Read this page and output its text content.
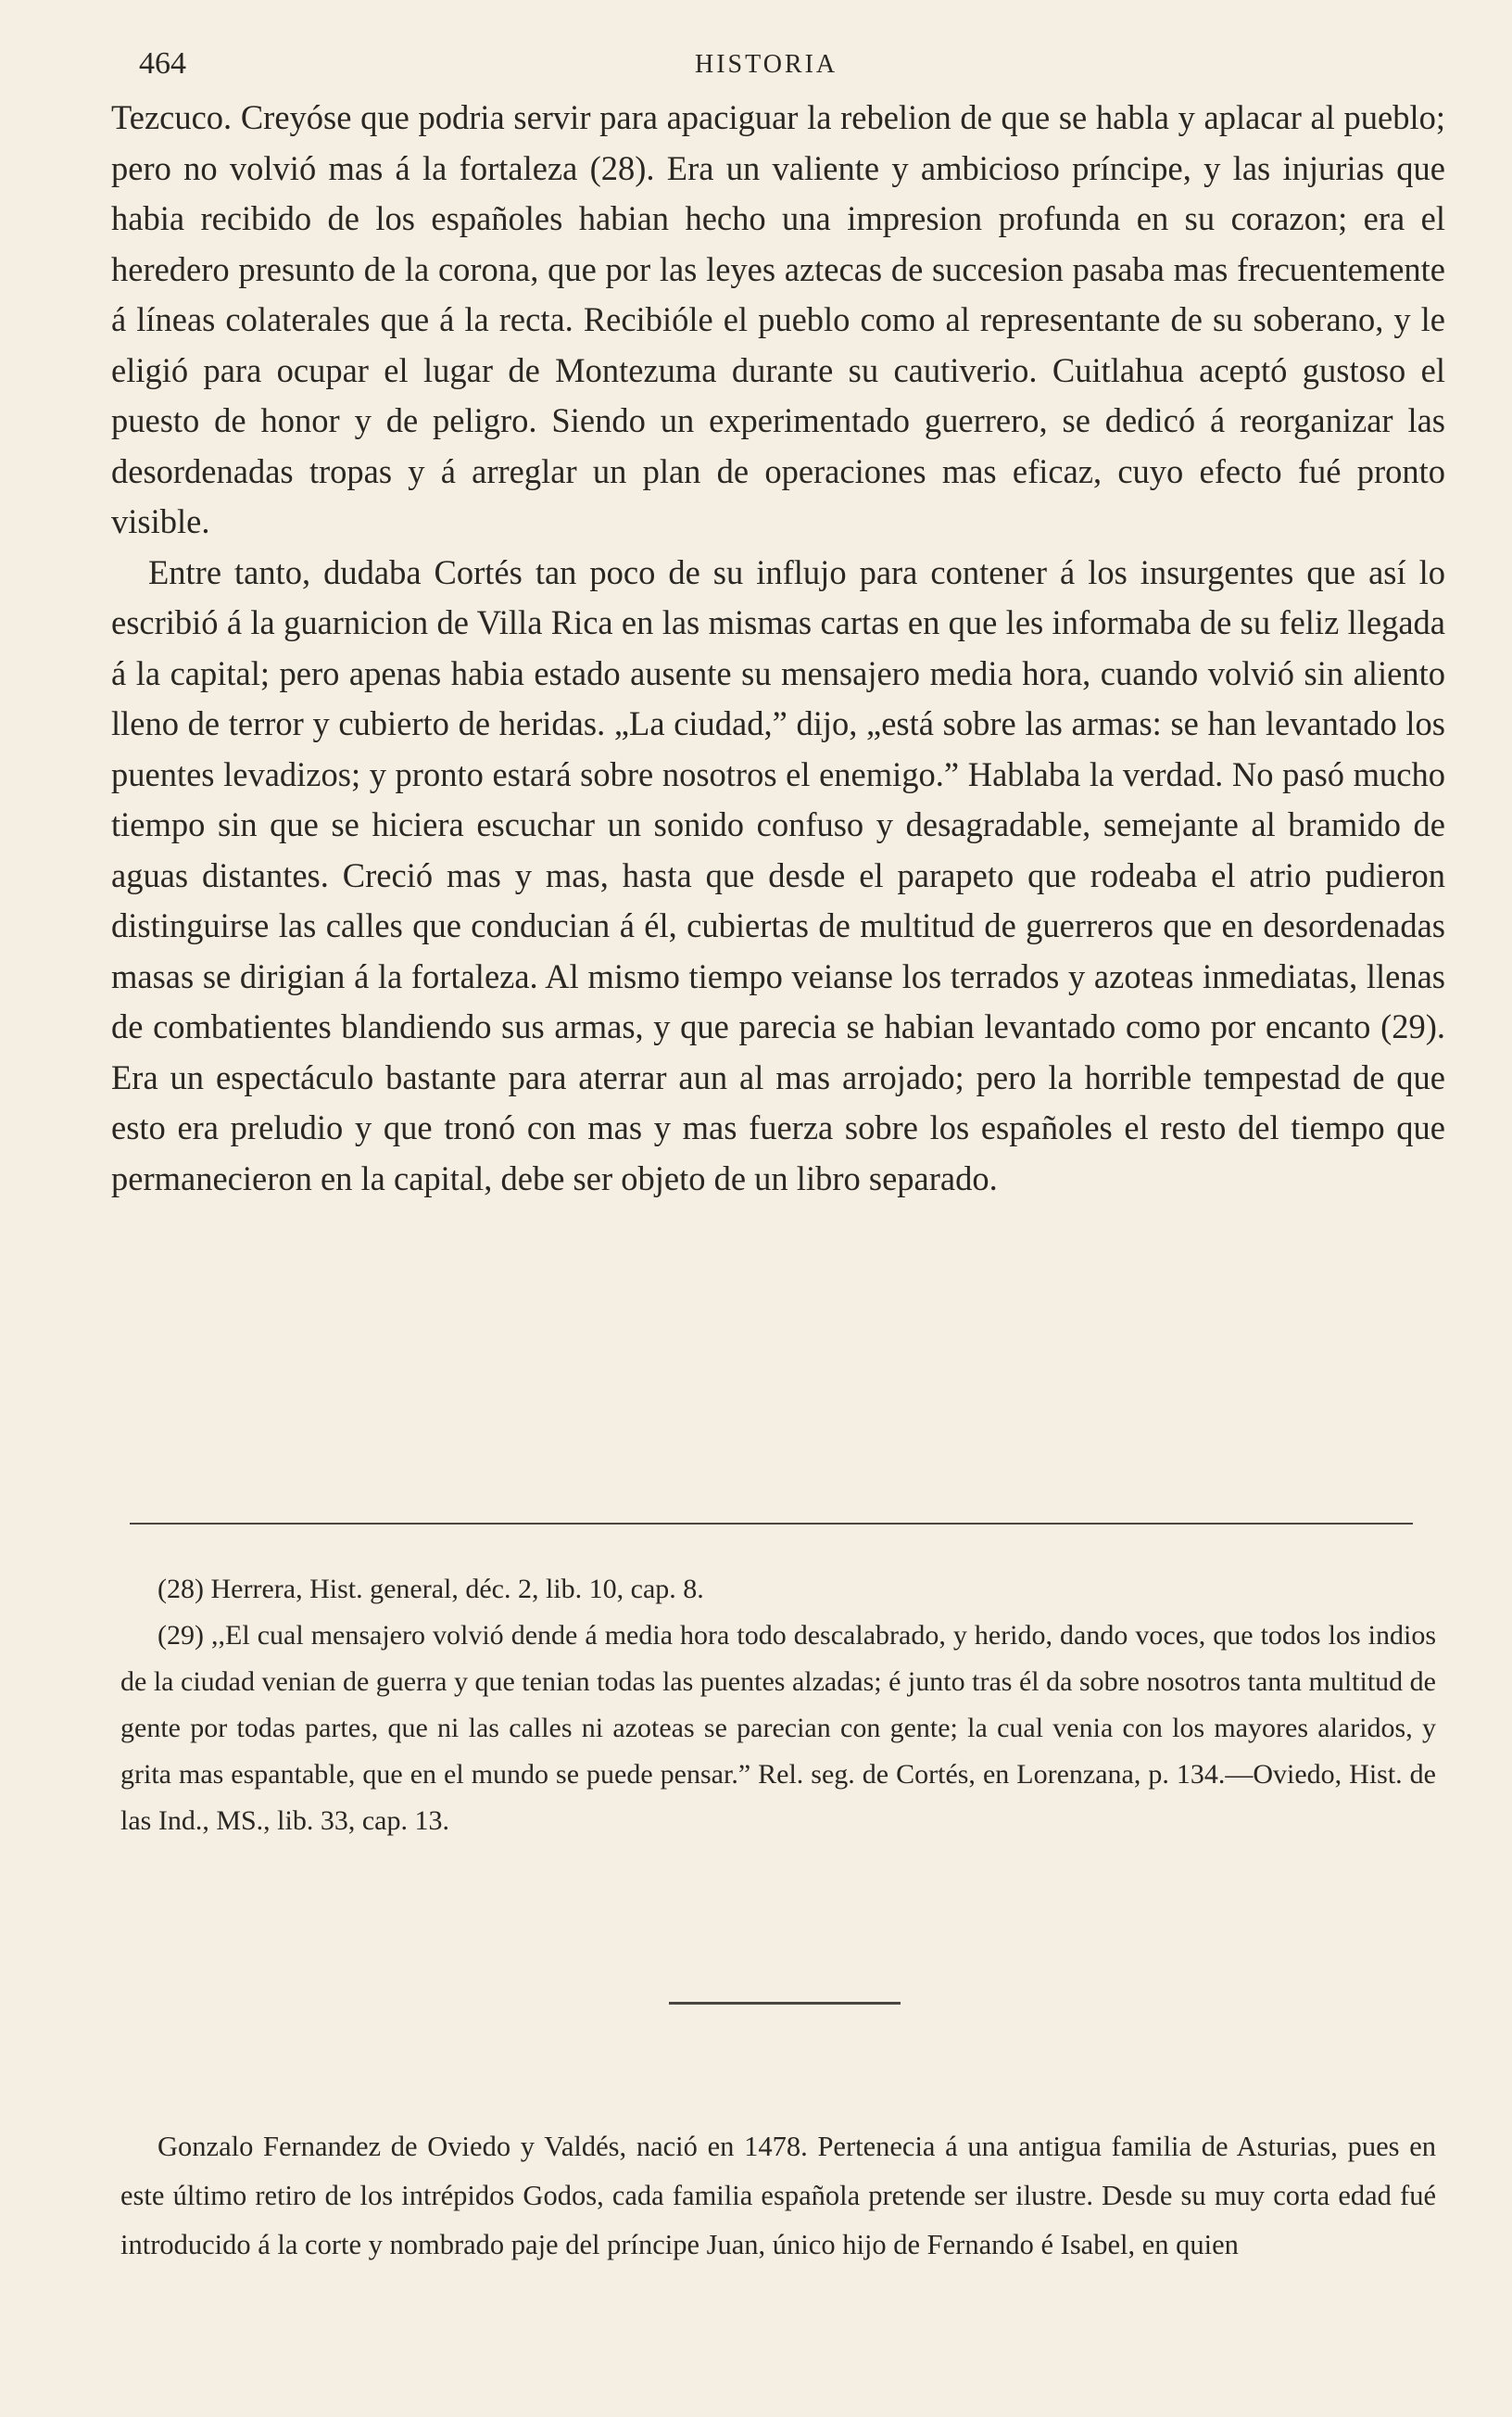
464	HISTORIA

Tezcuco. Creyóse que podria servir para apaciguar la rebelion de que se habla y aplacar al pueblo; pero no volvió mas á la fortaleza (28). Era un valiente y ambicioso príncipe, y las injurias que habia recibido de los españoles habian hecho una impresion profunda en su corazon; era el heredero presunto de la corona, que por las leyes aztecas de succesion pasaba mas frecuentemente á líneas colaterales que á la recta. Recibióle el pueblo como al representante de su soberano, y le eligió para ocupar el lugar de Montezuma durante su cautiverio. Cuitlahua aceptó gustoso el puesto de honor y de peligro. Siendo un experimentado guerrero, se dedicó á reorganizar las desordenadas tropas y á arreglar un plan de operaciones mas eficaz, cuyo efecto fué pronto visible.

Entre tanto, dudaba Cortés tan poco de su influjo para contener á los insurgentes que así lo escribió á la guarnicion de Villa Rica en las mismas cartas en que les informaba de su feliz llegada á la capital; pero apenas habia estado ausente su mensajero media hora, cuando volvió sin aliento lleno de terror y cubierto de heridas. „La ciudad,” dijo, „está sobre las armas: se han levantado los puentes levadizos; y pronto estará sobre nosotros el enemigo.” Hablaba la verdad. No pasó mucho tiempo sin que se hiciera escuchar un sonido confuso y desagradable, semejante al bramido de aguas distantes. Creció mas y mas, hasta que desde el parapeto que rodeaba el atrio pudieron distinguirse las calles que conducian á él, cubiertas de multitud de guerreros que en desordenadas masas se dirigian á la fortaleza. Al mismo tiempo veianse los terrados y azoteas inmediatas, llenas de combatientes blandiendo sus armas, y que parecia se habian levantado como por encanto (29). Era un espectáculo bastante para aterrar aun al mas arrojado; pero la horrible tempestad de que esto era preludio y que tronó con mas y mas fuerza sobre los españoles el resto del tiempo que permanecieron en la capital, debe ser objeto de un libro separado.

(28) Herrera, Hist. general, déc. 2, lib. 10, cap. 8.

(29) ,,El cual mensajero volvió dende á media hora todo descalabrado, y herido, dando voces, que todos los indios de la ciudad venian de guerra y que tenian todas las puentes alzadas; é junto tras él da sobre nosotros tanta multitud de gente por todas partes, que ni las calles ni azoteas se parecian con gente; la cual venia con los mayores alaridos, y grita mas espantable, que en el mundo se puede pensar.” Rel. seg. de Cortés, en Lorenzana, p. 134.—Oviedo, Hist. de las Ind., MS., lib. 33, cap. 13.

Gonzalo Fernandez de Oviedo y Valdés, nació en 1478. Pertenecia á una antigua familia de Asturias, pues en este último retiro de los intrépidos Godos, cada familia española pretende ser ilustre. Desde su muy corta edad fué introducido á la corte y nombrado paje del príncipe Juan, único hijo de Fernando é Isabel, en quien
